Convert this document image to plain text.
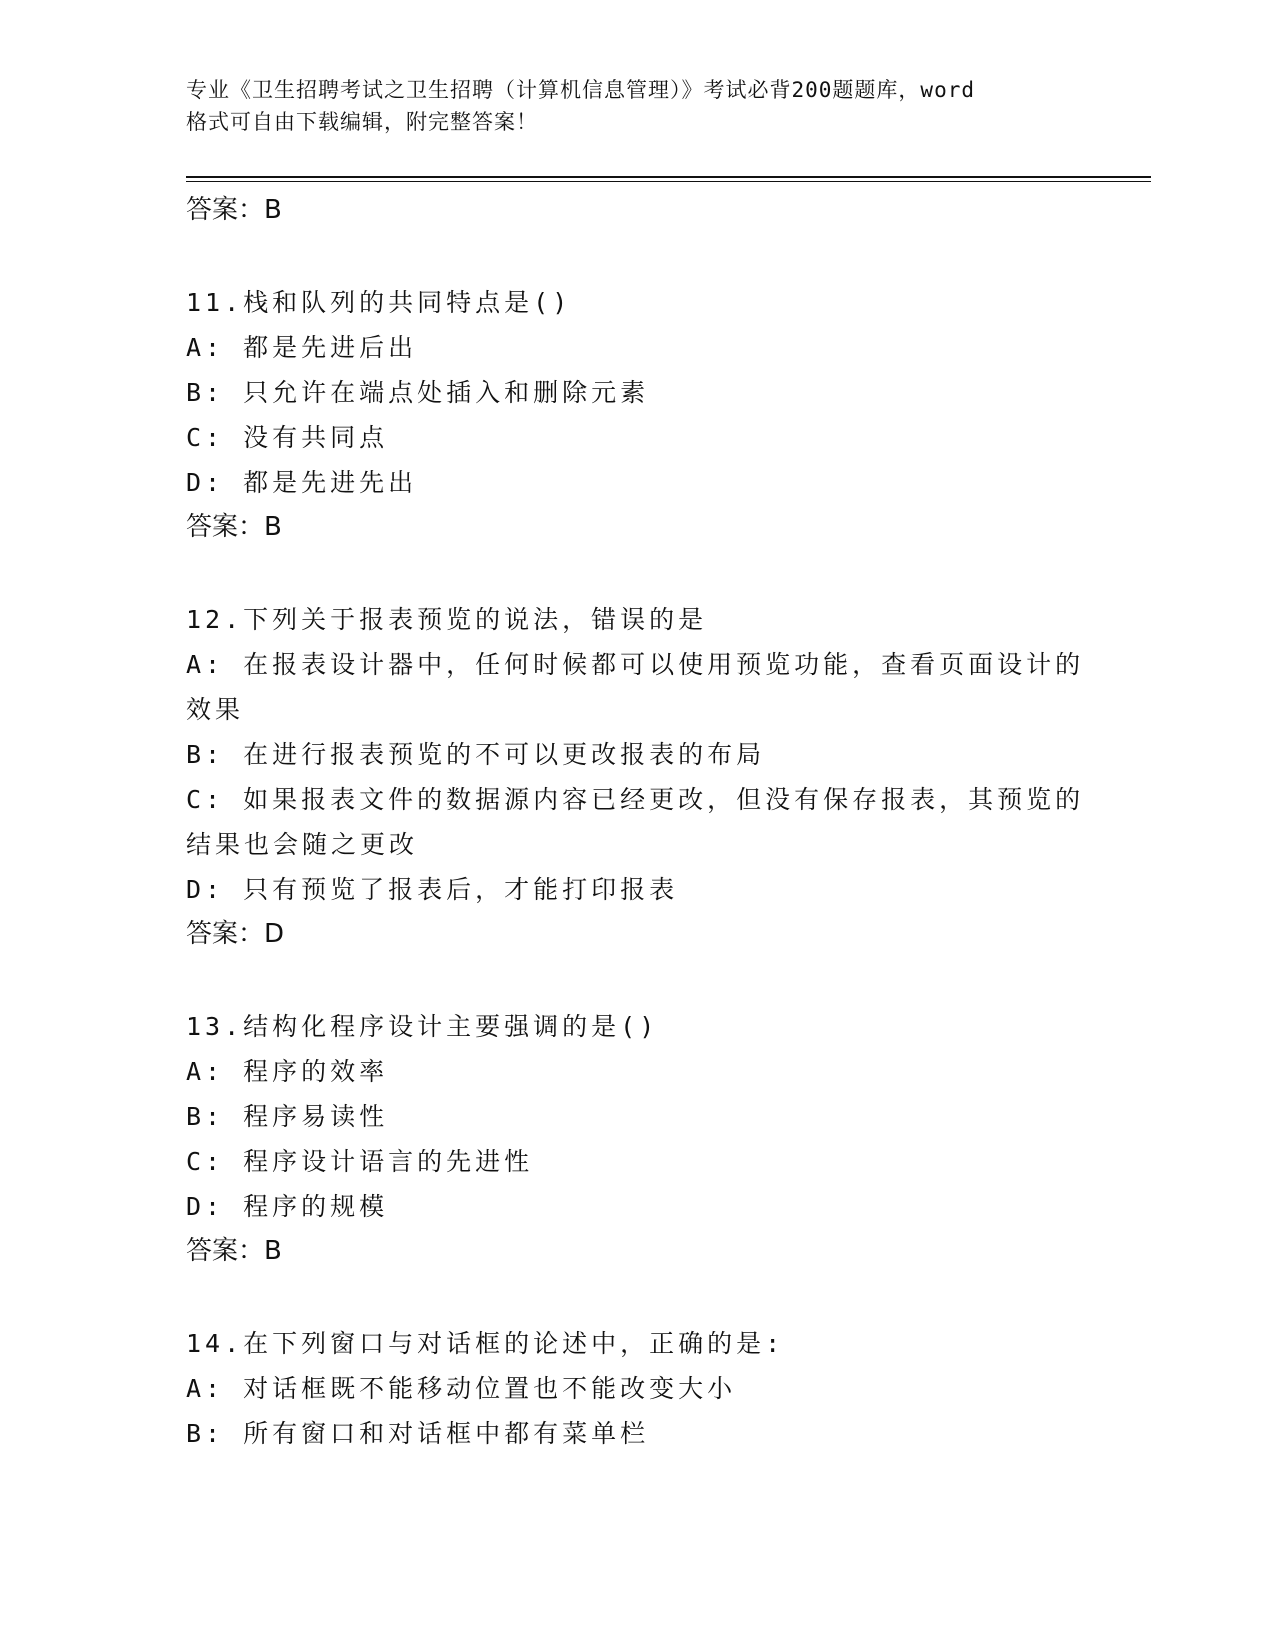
专业《卫生招聘考试之卫生招聘（计算机信息管理）》考试必背200题题库，word
格式可自由下载编辑，附完整答案！
答案：B
11.栈和队列的共同特点是()
A: 都是先进后出
B: 只允许在端点处插入和删除元素
C: 没有共同点
D: 都是先进先出
答案：B
12.下列关于报表预览的说法，错误的是
A: 在报表设计器中，任何时候都可以使用预览功能，查看页面设计的
效果
B: 在进行报表预览的不可以更改报表的布局
C: 如果报表文件的数据源内容已经更改，但没有保存报表，其预览的
结果也会随之更改
D: 只有预览了报表后，才能打印报表
答案：D
13.结构化程序设计主要强调的是()
A: 程序的效率
B: 程序易读性
C: 程序设计语言的先进性
D: 程序的规模
答案：B
14.在下列窗口与对话框的论述中，正确的是:
A: 对话框既不能移动位置也不能改变大小
B: 所有窗口和对话框中都有菜单栏
